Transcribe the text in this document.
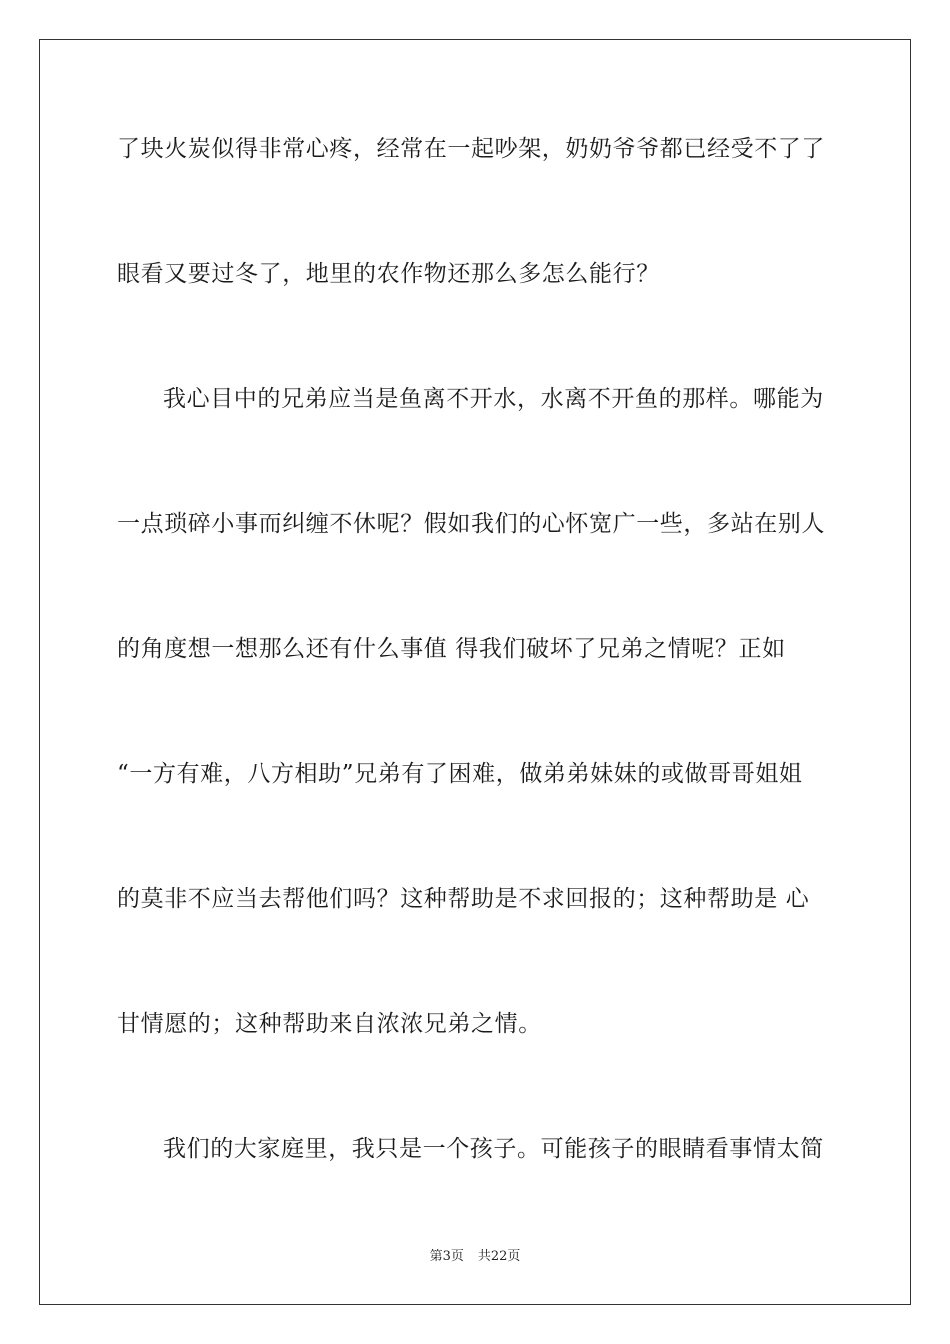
了块火炭似得非常心疼，经常在一起吵架，奶奶爷爷都已经受不了了
眼看又要过冬了，地里的农作物还那么多怎么能行？
我心目中的兄弟应当是鱼离不开水，水离不开鱼的那样。哪能为
一点琐碎小事而纠缠不休呢？假如我们的心怀宽广一些，多站在别人
的角度想一想那么还有什么事值 得我们破坏了兄弟之情呢？正如
“一方有难，八方相助”兄弟有了困难，做弟弟妹妹的或做哥哥姐姐
的莫非不应当去帮他们吗？这种帮助是不求回报的；这种帮助是 心
甘情愿的；这种帮助来自浓浓兄弟之情。
我们的大家庭里，我只是一个孩子。可能孩子的眼睛看事情太简
第3页 共22页
